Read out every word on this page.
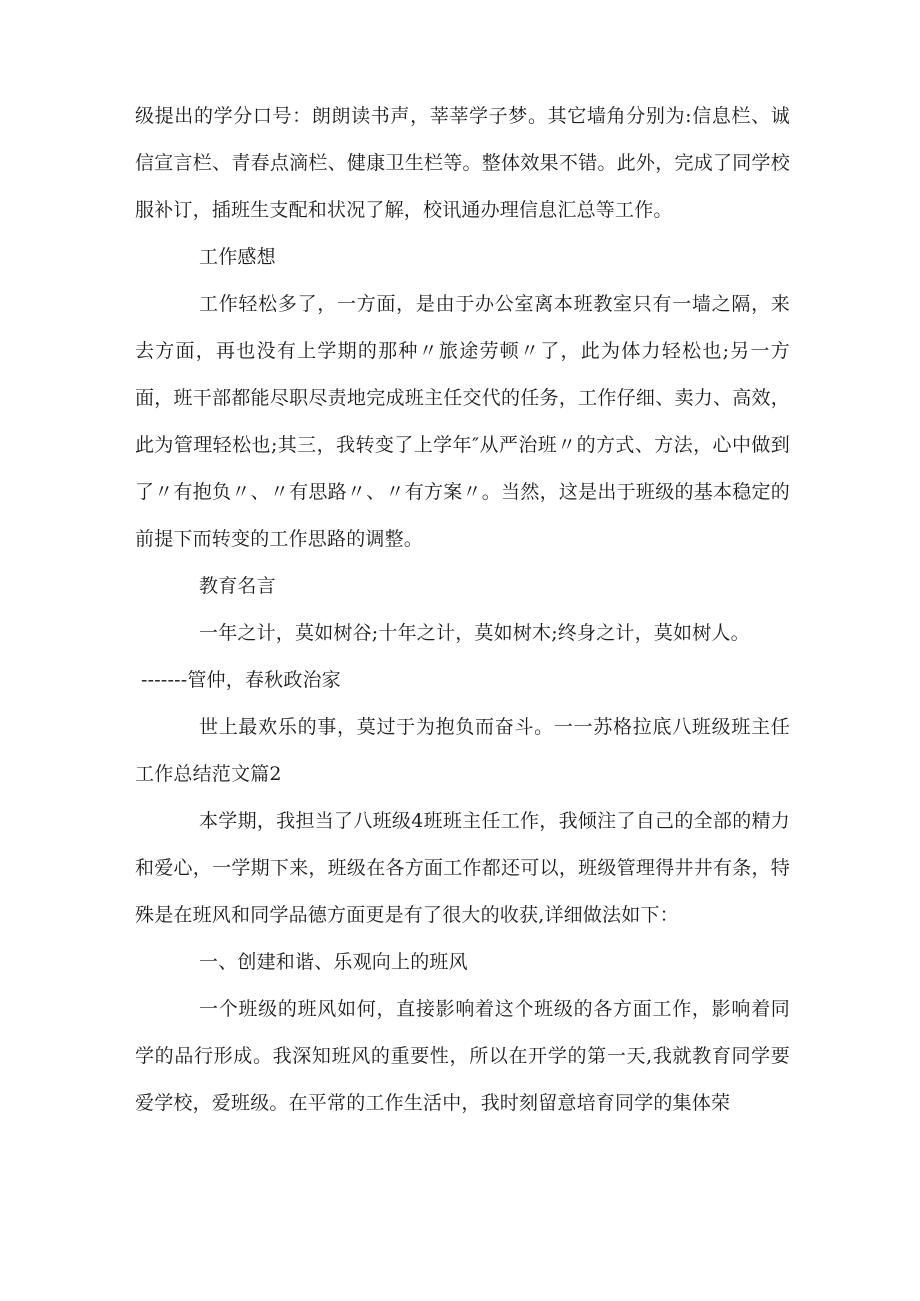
级提出的学分口号：朗朗读书声，莘莘学子梦。其它墙角分别为:信息栏、诚信宣言栏、青春点滴栏、健康卫生栏等。整体效果不错。此外，完成了同学校服补订，插班生支配和状况了解，校讯通办理信息汇总等工作。

工作感想

工作轻松多了，一方面，是由于办公室离本班教室只有一墙之隔，来去方面，再也没有上学期的那种〃旅途劳顿〃了，此为体力轻松也;另一方面，班干部都能尽职尽责地完成班主任交代的任务，工作仔细、卖力、高效，此为管理轻松也;其三，我转变了上学年″从严治班〃的方式、方法，心中做到了〃有抱负〃、〃有思路〃、〃有方案〃。当然，这是出于班级的基本稳定的前提下而转变的工作思路的调整。

教育名言

一年之计，莫如树谷;十年之计，莫如树木;终身之计，莫如树人。

-------管仲，春秋政治家

世上最欢乐的事，莫过于为抱负而奋斗。一一苏格拉底八班级班主任工作总结范文篇2

本学期，我担当了八班级4班班主任工作，我倾注了自己的全部的精力和爱心，一学期下来，班级在各方面工作都还可以，班级管理得井井有条，特殊是在班风和同学品德方面更是有了很大的收获,详细做法如下：

一、创建和谐、乐观向上的班风

一个班级的班风如何，直接影响着这个班级的各方面工作，影响着同学的品行形成。我深知班风的重要性，所以在开学的第一天,我就教育同学要爱学校，爱班级。在平常的工作生活中，我时刻留意培育同学的集体荣
